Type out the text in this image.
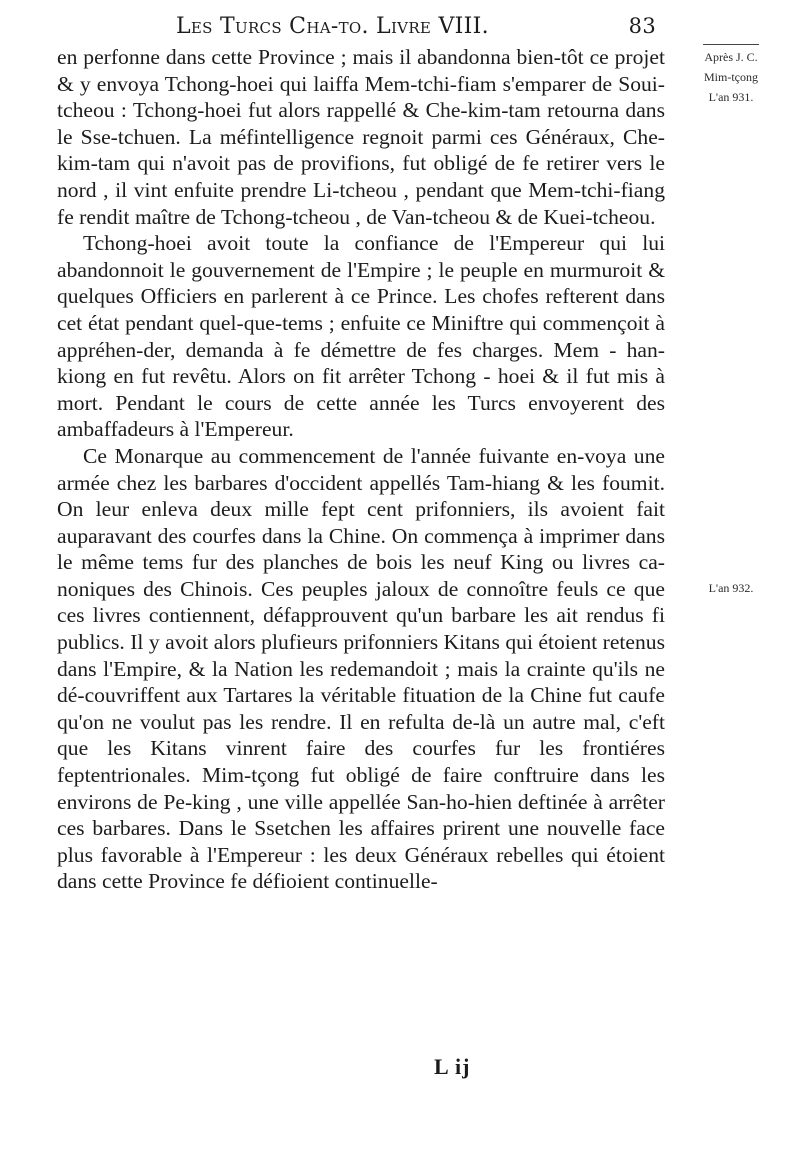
Les Turcs Cha-to. Livre VIII.	83
Après J. C.
Mim-tçong
L'an 931.
L'an 932.

en perfonne dans cette Province ; mais il abandonna bien-tôt ce projet & y envoya Tchong-hoei qui laiffa Mem-tchi-fiam s'emparer de Soui-tcheou : Tchong-hoei fut alors rappellé & Che-kim-tam retourna dans le Sse-tchuen. La méfintelligence regnoit parmi ces Généraux, Che-kim-tam qui n'avoit pas de provifions, fut obligé de fe retirer vers le nord , il vint enfuite prendre Li-tcheou , pendant que Mem-tchi-fiang fe rendit maître de Tchong-tcheou , de Van-tcheou & de Kuei-tcheou.

Tchong-hoei avoit toute la confiance de l'Empereur qui lui abandonnoit le gouvernement de l'Empire ; le peuple en murmuroit & quelques Officiers en parlerent à ce Prince. Les chofes refterent dans cet état pendant quel-que-tems ; enfuite ce Miniftre qui commençoit à appréhen-der, demanda à fe démettre de fes charges. Mem - han-kiong en fut revêtu. Alors on fit arrêter Tchong - hoei & il fut mis à mort. Pendant le cours de cette année les Turcs envoyerent des ambaffadeurs à l'Empereur.

Ce Monarque au commencement de l'année fuivante en-voya une armée chez les barbares d'occident appellés Tam-hiang & les foumit. On leur enleva deux mille fept cent prifonniers, ils avoient fait auparavant des courfes dans la Chine. On commença à imprimer dans le même tems fur des planches de bois les neuf King ou livres ca-noniques des Chinois. Ces peuples jaloux de connoître feuls ce que ces livres contiennent, défapprouvent qu'un barbare les ait rendus fi publics. Il y avoit alors plufieurs prifonniers Kitans qui étoient retenus dans l'Empire, & la Nation les redemandoit ; mais la crainte qu'ils ne dé-couvriffent aux Tartares la véritable fituation de la Chine fut caufe qu'on ne voulut pas les rendre. Il en refulta de-là un autre mal, c'eft que les Kitans vinrent faire des courfes fur les frontiéres feptentrionales. Mim-tçong fut obligé de faire conftruire dans les environs de Pe-king , une ville appellée San-ho-hien deftinée à arrêter ces barbares. Dans le Ssetchen les affaires prirent une nouvelle face plus favorable à l'Empereur : les deux Généraux rebelles qui étoient dans cette Province fe défioient continuelle-

L ij
